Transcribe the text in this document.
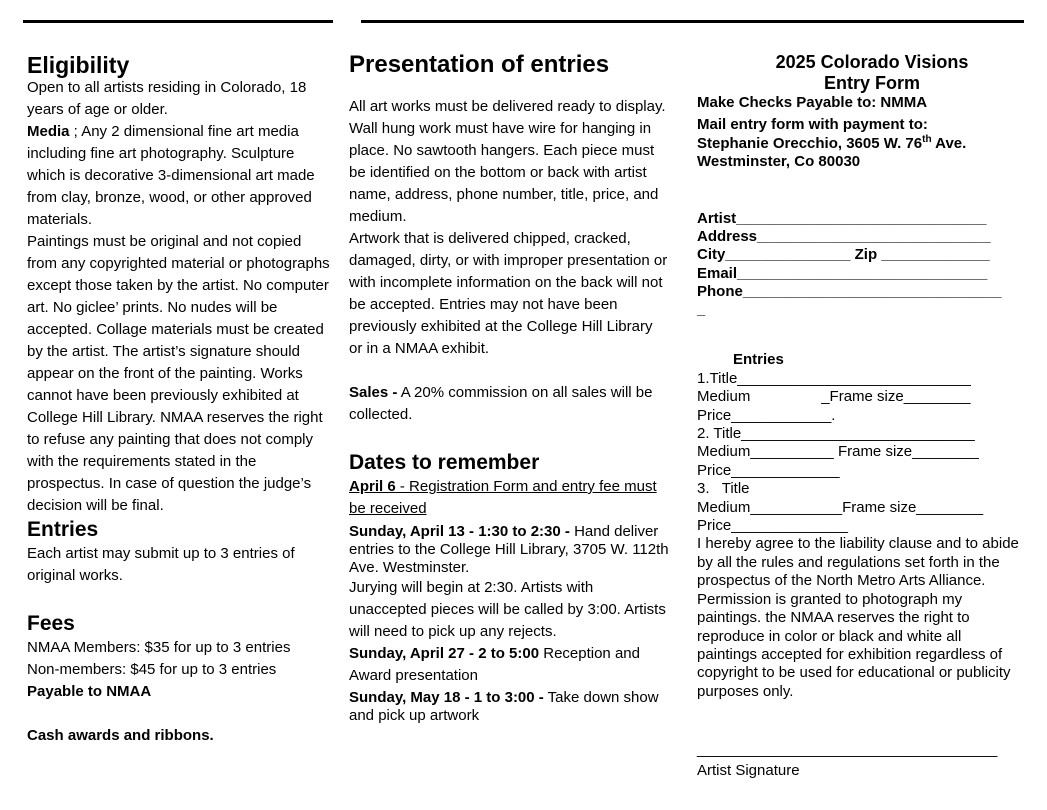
Eligibility

Open to all artists residing in Colorado, 18 years of age or older.

Media ; Any 2 dimensional fine art media including fine art photography. Sculpture which is decorative 3-dimensional art made from clay, bronze, wood, or other approved materials.

Paintings must be original and not copied from any copyrighted material or photographs except those taken by the artist. No computer art. No giclee’ prints. No nudes will be accepted. Collage materials must be created by the artist. The artist’s signature should appear on the front of the painting. Works cannot have been previously exhibited at College Hill Library. NMAA reserves the right to refuse any painting that does not comply with the requirements stated in the prospectus. In case of question the judge’s decision will be final.

Entries

Each artist may submit up to 3 entries of original works.

Fees

NMAA Members: $35 for up to 3 entries

Non-members: $45 for up to 3 entries

Payable to NMAA

Cash awards and ribbons.

Presentation of entries

All art works must be delivered ready to display. Wall hung work must have wire for hanging in place. No sawtooth hangers. Each piece must be identified on the bottom or back with artist name, address, phone number, title, price, and medium.

Artwork that is delivered chipped, cracked, damaged, dirty, or with improper presentation or with incomplete information on the back will not be accepted. Entries may not have been previously exhibited at the College Hill Library or in a NMAA exhibit.

Sales - A 20% commission on all sales will be collected.

Dates to remember

April 6 - Registration Form and entry fee must be received

Sunday, April 13 - 1:30 to 2:30 - Hand deliver entries to the College Hill Library, 3705 W. 112th Ave. Westminster.

Jurying will begin at 2:30. Artists with unaccepted pieces will be called by 3:00. Artists will need to pick up any rejects.

Sunday, April 27 - 2 to 5:00 Reception and Award presentation

Sunday, May 18 - 1 to 3:00 - Take down show and pick up artwork

2025 Colorado Visions
Entry Form

Make Checks Payable to: NMMA

Mail entry form with payment to:

Stephanie Orecchio, 3605 W. 76th Ave.

Westminster, Co 80030

Artist______________________________
Address____________________________
City_______________ Zip _____________
Email______________________________
Phone_______________________________
_
Entries
1.Title____________________________
Medium                 _Frame size________
Price____________.
2. Title____________________________
Medium__________ Frame size________
Price_____________
3.   Title
Medium___________Frame size________
Price______________

I hereby agree to the liability clause and to abide by all the rules and regulations set forth in the prospectus of the North Metro Arts Alliance. Permission is granted to photograph my paintings. the NMAA reserves the right to reproduce in color or black and white all paintings accepted for exhibition regardless of copyright to be used for educational or publicity purposes only.

____________________________________
Artist Signature
